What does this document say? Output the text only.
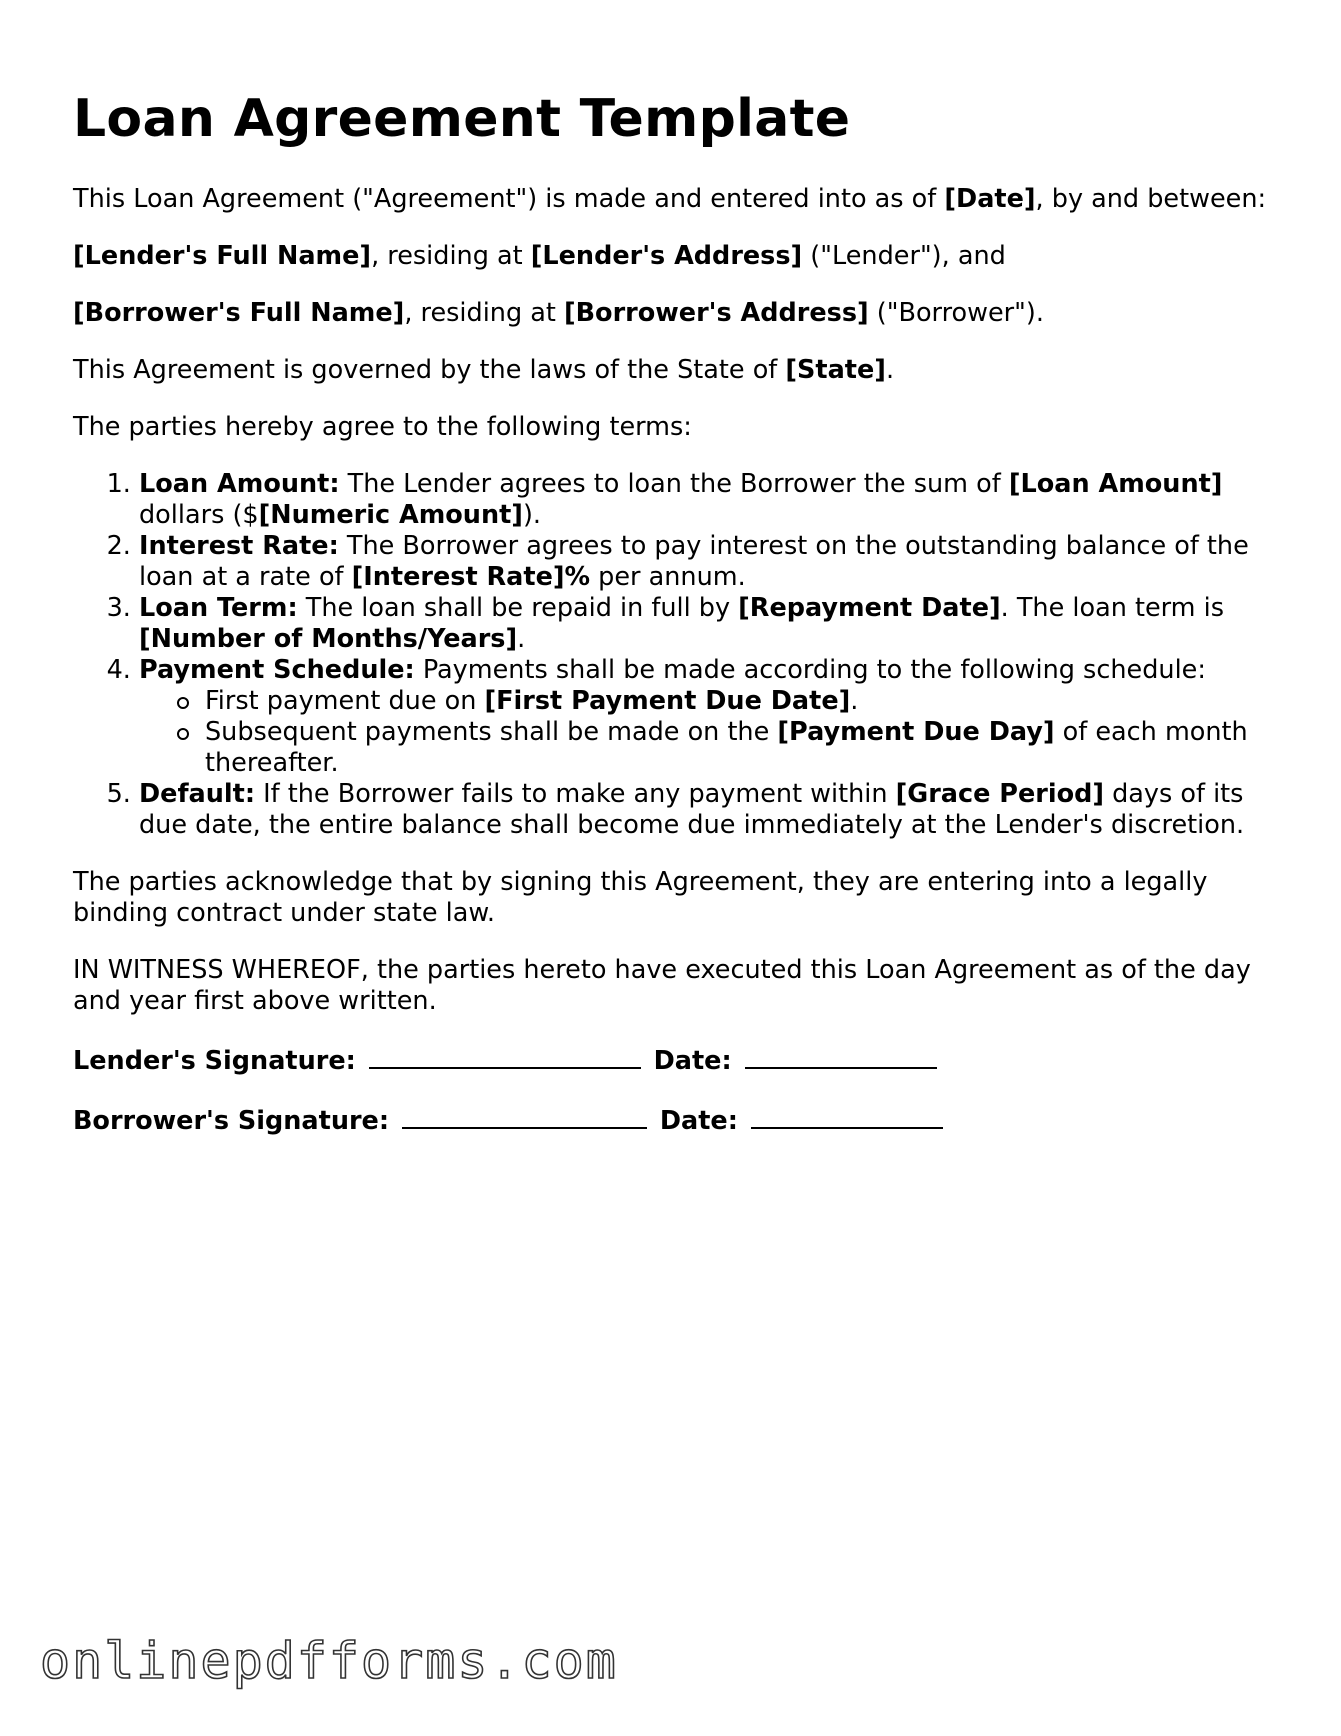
Loan Agreement Template

This Loan Agreement ("Agreement") is made and entered into as of [Date], by and between:

[Lender's Full Name], residing at [Lender's Address] ("Lender"), and

[Borrower's Full Name], residing at [Borrower's Address] ("Borrower").

This Agreement is governed by the laws of the State of [State].

The parties hereby agree to the following terms:

1. Loan Amount: The Lender agrees to loan the Borrower the sum of [Loan Amount] dollars ($[Numeric Amount]).
2. Interest Rate: The Borrower agrees to pay interest on the outstanding balance of the loan at a rate of [Interest Rate]% per annum.
3. Loan Term: The loan shall be repaid in full by [Repayment Date]. The loan term is [Number of Months/Years].
4. Payment Schedule: Payments shall be made according to the following schedule:
First payment due on [First Payment Due Date].
Subsequent payments shall be made on the [Payment Due Day] of each month thereafter.
5. Default: If the Borrower fails to make any payment within [Grace Period] days of its due date, the entire balance shall become due immediately at the Lender's discretion.

The parties acknowledge that by signing this Agreement, they are entering into a legally binding contract under state law.

IN WITNESS WHEREOF, the parties hereto have executed this Loan Agreement as of the day and year first above written.

Lender's Signature:	Date:
Borrower's Signature:	Date:
onlinepdfforms.com
